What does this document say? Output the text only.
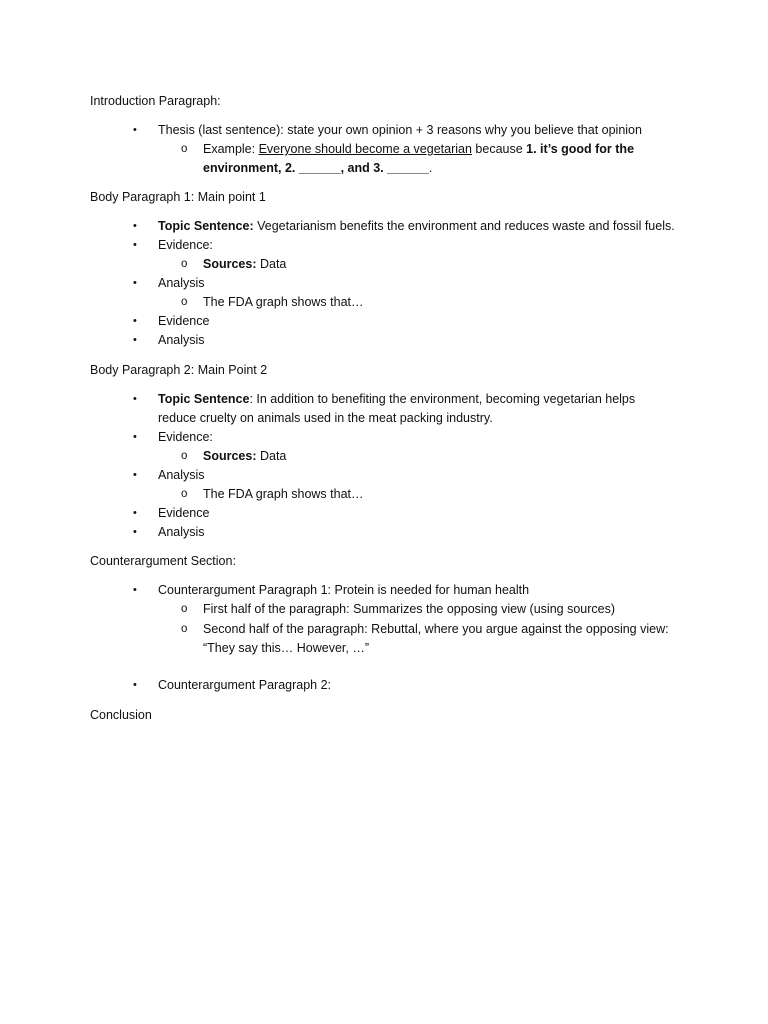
Introduction Paragraph:
• Thesis (last sentence): state your own opinion + 3 reasons why you believe that opinion
o Example: Everyone should become a vegetarian because 1. it’s good for the
environment, 2. ______, and 3. ______.
Body Paragraph 1: Main point 1
• Topic Sentence: Vegetarianism benefits the environment and reduces waste and fossil fuels.
• Evidence:
o Sources: Data
• Analysis
o The FDA graph shows that…
• Evidence
• Analysis
Body Paragraph 2: Main Point 2
• Topic Sentence: In addition to benefiting the environment, becoming vegetarian helps
reduce cruelty on animals used in the meat packing industry.
• Evidence:
o Sources: Data
• Analysis
o The FDA graph shows that…
• Evidence
• Analysis
Counterargument Section:
• Counterargument Paragraph 1: Protein is needed for human health
o First half of the paragraph: Summarizes the opposing view (using sources)
o Second half of the paragraph: Rebuttal, where you argue against the opposing view:
“They say this… However, …”
• Counterargument Paragraph 2:
Conclusion
